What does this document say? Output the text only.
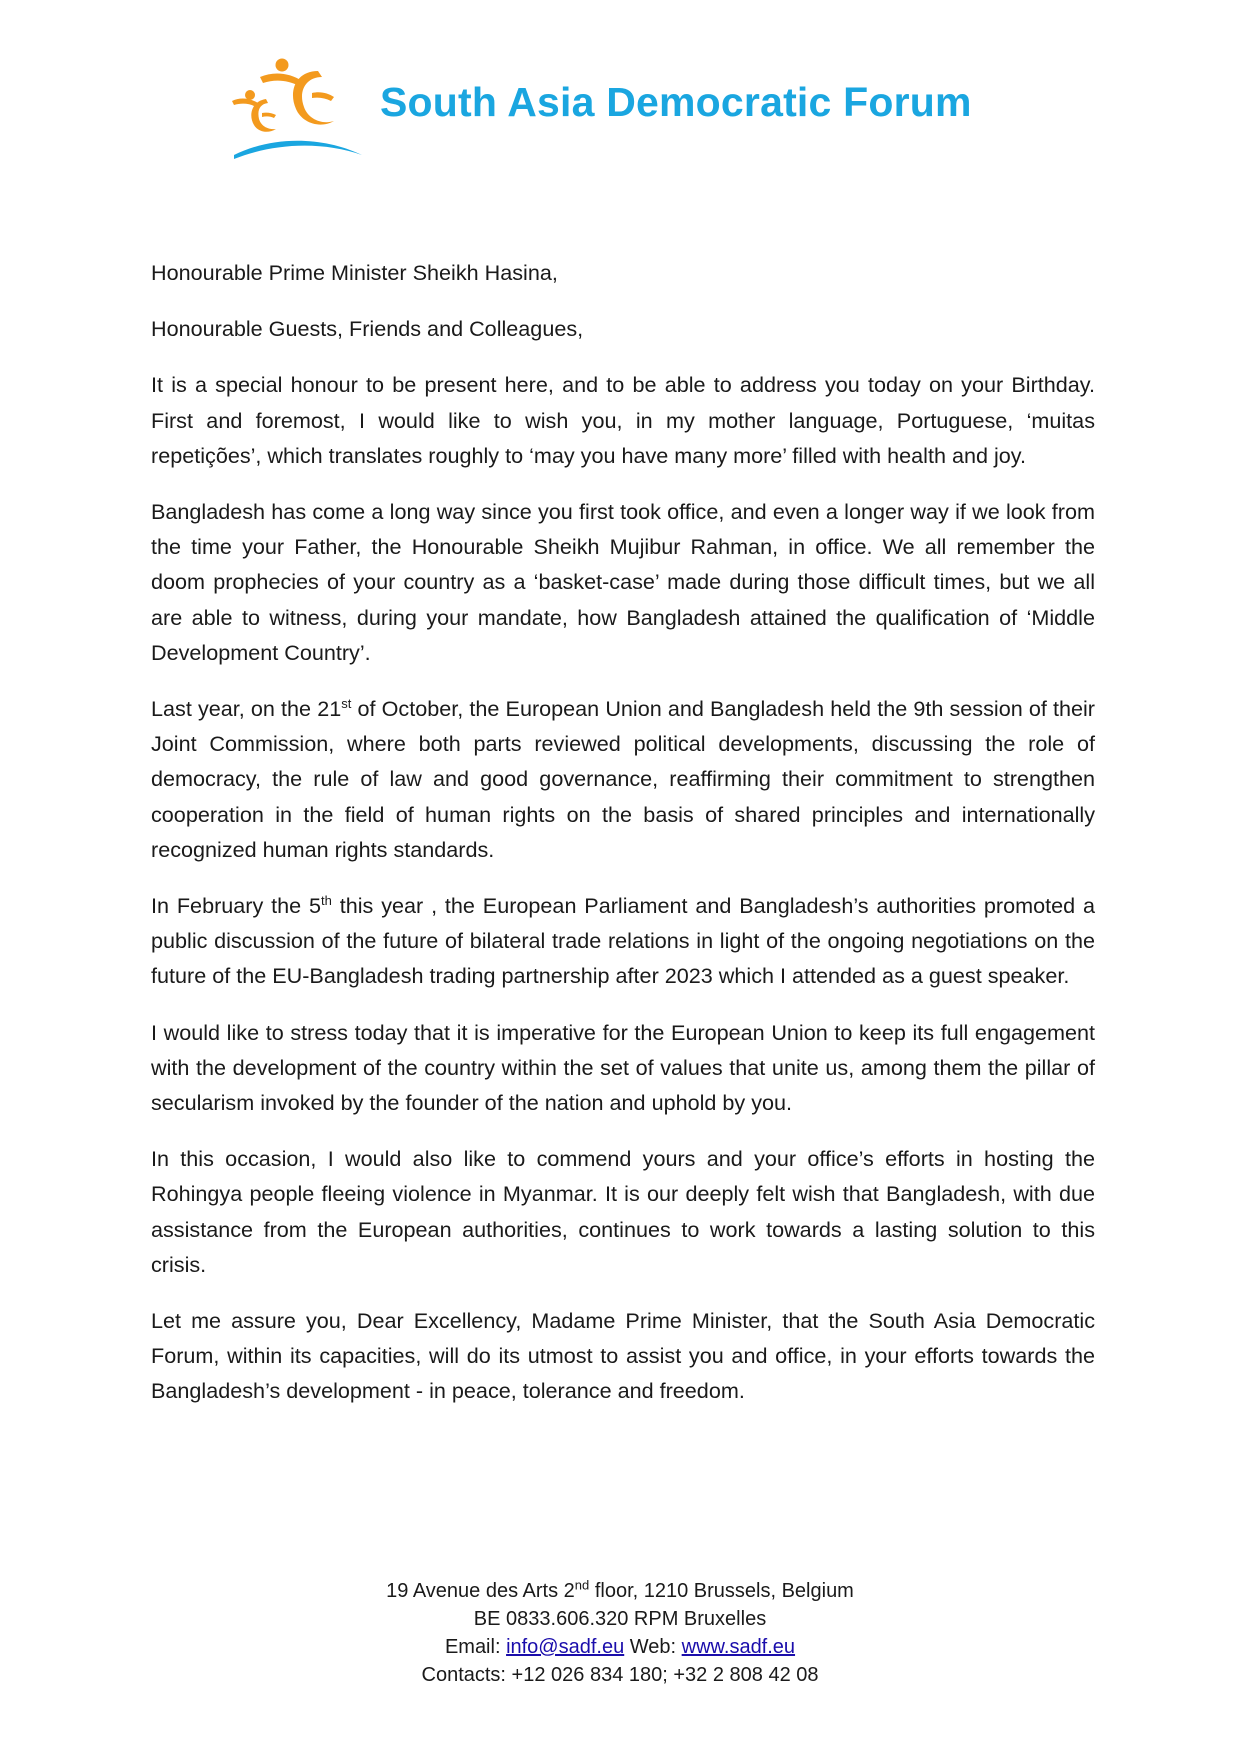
South Asia Democratic Forum

Honourable Prime Minister Sheikh Hasina,

Honourable Guests, Friends and Colleagues,

It is a special honour to be present here, and to be able to address you today on your Birthday. First and foremost, I would like to wish you, in my mother language, Portuguese, ‘muitas repetições’, which translates roughly to ‘may you have many more’ filled with health and joy.

Bangladesh has come a long way since you first took office, and even a longer way if we look from the time your Father, the Honourable Sheikh Mujibur Rahman, in office. We all remember the doom prophecies of your country as a ‘basket-case’ made during those difficult times, but we all are able to witness, during your mandate, how Bangladesh attained the qualification of ‘Middle Development Country’.

Last year, on the 21st of October, the European Union and Bangladesh held the 9th session of their Joint Commission, where both parts reviewed political developments, discussing the role of democracy, the rule of law and good governance, reaffirming their commitment to strengthen cooperation in the field of human rights on the basis of shared principles and internationally recognized human rights standards.

In February the 5th this year , the European Parliament and Bangladesh’s authorities promoted a public discussion of the future of bilateral trade relations in light of the ongoing negotiations on the future of the EU-Bangladesh trading partnership after 2023 which I attended as a guest speaker.

I would like to stress today that it is imperative for the European Union to keep its full engagement with the development of the country within the set of values that unite us, among them the pillar of secularism invoked by the founder of the nation and uphold by you.

In this occasion, I would also like to commend yours and your office’s efforts in hosting the Rohingya people fleeing violence in Myanmar. It is our deeply felt wish that Bangladesh, with due assistance from the European authorities, continues to work towards a lasting solution to this crisis.

Let me assure you, Dear Excellency, Madame Prime Minister, that the South Asia Democratic Forum, within its capacities, will do its utmost to assist you and office, in your efforts towards the Bangladesh’s development - in peace, tolerance and freedom.

19 Avenue des Arts 2nd floor, 1210 Brussels, Belgium
BE 0833.606.320 RPM Bruxelles
Email: info@sadf.eu Web: www.sadf.eu
Contacts: +12 026 834 180; +32 2 808 42 08
